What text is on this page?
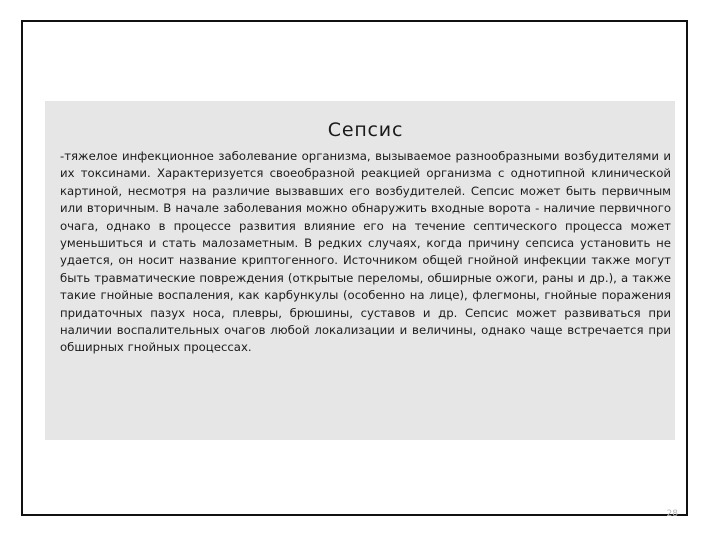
Сепсис

-тяжелое инфекционное заболевание организма, вызываемое разнообразными возбудителями и их токсинами. Характеризуется своеобразной реакцией организма с однотипной клинической картиной, несмотря на различие вызвавших его возбудителей. Сепсис может быть первичным или вторичным. В начале заболевания можно обнаружить входные ворота - наличие первичного очага, однако в процессе развития влияние его на течение септического процесса может уменьшиться и стать малозаметным. В редких случаях, когда причину сепсиса установить не удается, он носит название криптогенного. Источником общей гнойной инфекции также могут быть травматические повреждения (открытые переломы, обширные ожоги, раны и др.), а также такие гнойные воспаления, как карбункулы (особенно на лице), флегмоны, гнойные поражения придаточных пазух носа, плевры, брюшины, суставов и др. Сепсис может развиваться при наличии воспалительных очагов любой локализации и величины, однако чаще встречается при обширных гнойных процессах.

28
